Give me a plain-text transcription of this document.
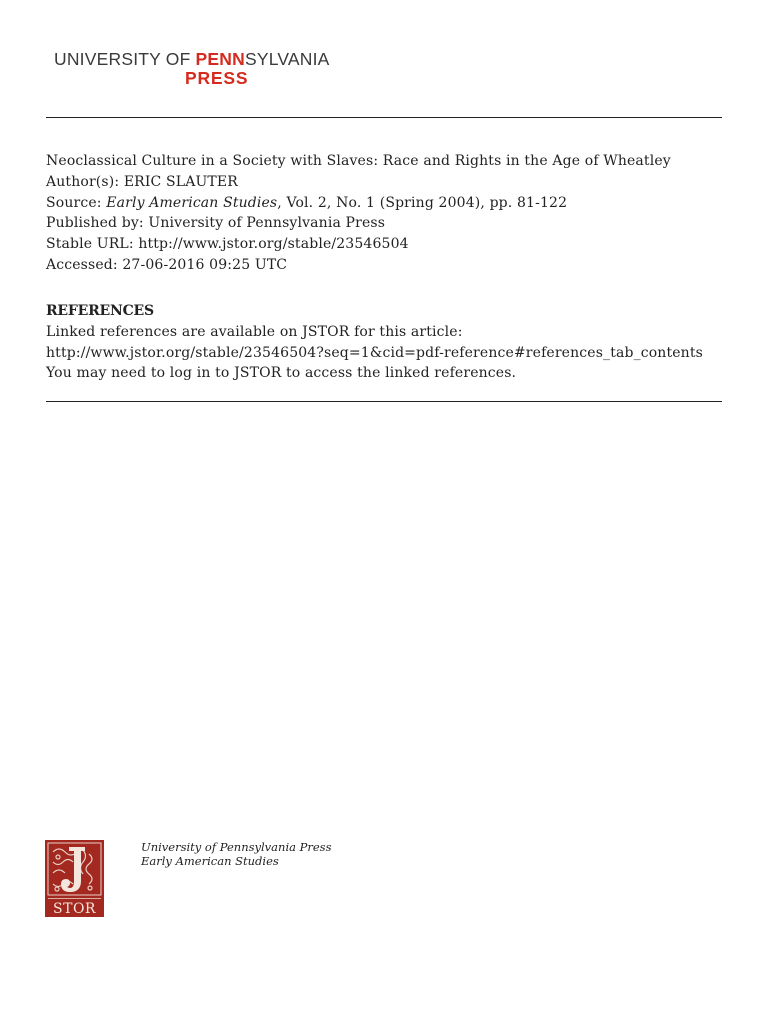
UNIVERSITY OF PENNSYLVANIA
PRESS
Neoclassical Culture in a Society with Slaves: Race and Rights in the Age of Wheatley
Author(s): ERIC SLAUTER
Source: Early American Studies, Vol. 2, No. 1 (Spring 2004), pp. 81-122
Published by: University of Pennsylvania Press
Stable URL: http://www.jstor.org/stable/23546504
Accessed: 27-06-2016 09:25 UTC
REFERENCES
Linked references are available on JSTOR for this article:
http://www.jstor.org/stable/23546504?seq=1&cid=pdf-reference#references_tab_contents
You may need to log in to JSTOR to access the linked references.
STOR
University of Pennsylvania Press
Early American Studies
